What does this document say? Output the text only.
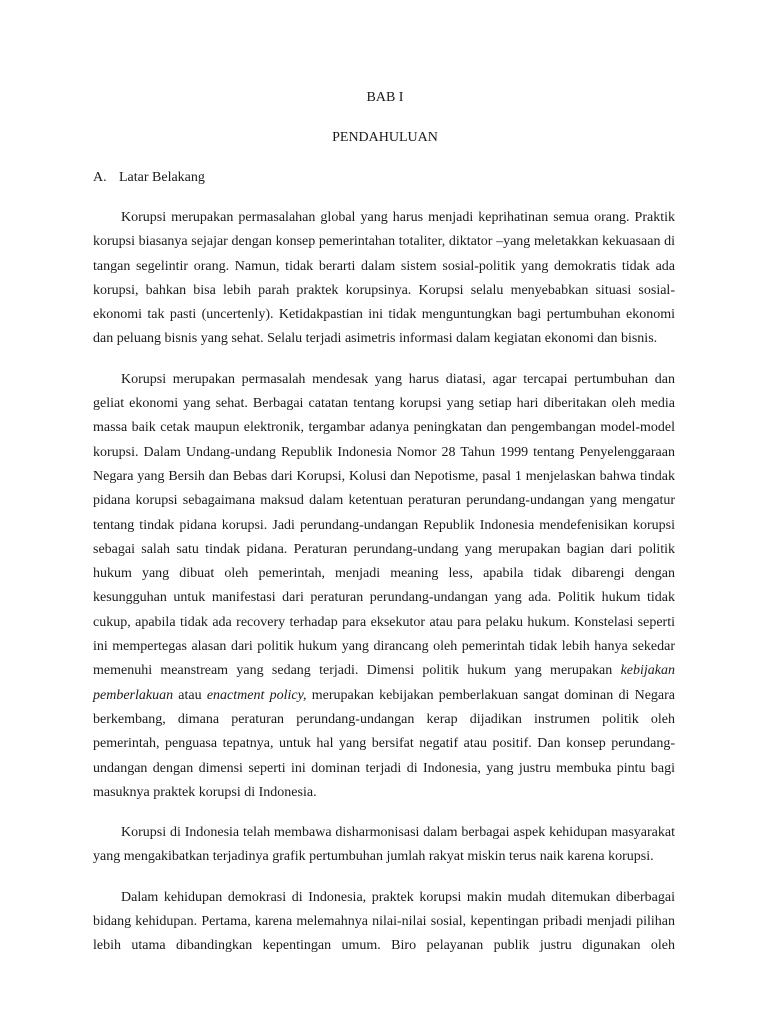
BAB I

PENDAHULUAN

A. Latar Belakang

Korupsi merupakan permasalahan global yang harus menjadi keprihatinan semua orang. Praktik korupsi biasanya sejajar dengan konsep pemerintahan totaliter, diktator –yang meletakkan kekuasaan di tangan segelintir orang. Namun, tidak berarti dalam sistem sosial-politik yang demokratis tidak ada korupsi, bahkan bisa lebih parah praktek korupsinya. Korupsi selalu menyebabkan situasi sosial-ekonomi tak pasti (uncertenly). Ketidakpastian ini tidak menguntungkan bagi pertumbuhan ekonomi dan peluang bisnis yang sehat. Selalu terjadi asimetris informasi dalam kegiatan ekonomi dan bisnis.

Korupsi merupakan permasalah mendesak yang harus diatasi, agar tercapai pertumbuhan dan geliat ekonomi yang sehat. Berbagai catatan tentang korupsi yang setiap hari diberitakan oleh media massa baik cetak maupun elektronik, tergambar adanya peningkatan dan pengembangan model-model korupsi. Dalam Undang-undang Republik Indonesia Nomor 28 Tahun 1999 tentang Penyelenggaraan Negara yang Bersih dan Bebas dari Korupsi, Kolusi dan Nepotisme, pasal 1 menjelaskan bahwa tindak pidana korupsi sebagaimana maksud dalam ketentuan peraturan perundang-undangan yang mengatur tentang tindak pidana korupsi. Jadi perundang-undangan Republik Indonesia mendefenisikan korupsi sebagai salah satu tindak pidana. Peraturan perundang-undang yang merupakan bagian dari politik hukum yang dibuat oleh pemerintah, menjadi meaning less, apabila tidak dibarengi dengan kesungguhan untuk manifestasi dari peraturan perundang-undangan yang ada. Politik hukum tidak cukup, apabila tidak ada recovery terhadap para eksekutor atau para pelaku hukum. Konstelasi seperti ini mempertegas alasan dari politik hukum yang dirancang oleh pemerintah tidak lebih hanya sekedar memenuhi meanstream yang sedang terjadi. Dimensi politik hukum yang merupakan kebijakan pemberlakuan atau enactment policy, merupakan kebijakan pemberlakuan sangat dominan di Negara berkembang, dimana peraturan perundang-undangan kerap dijadikan instrumen politik oleh pemerintah, penguasa tepatnya, untuk hal yang bersifat negatif atau positif. Dan konsep perundang-undangan dengan dimensi seperti ini dominan terjadi di Indonesia, yang justru membuka pintu bagi masuknya praktek korupsi di Indonesia.

Korupsi di Indonesia telah membawa disharmonisasi dalam berbagai aspek kehidupan masyarakat yang mengakibatkan terjadinya grafik pertumbuhan jumlah rakyat miskin terus naik karena korupsi.

Dalam kehidupan demokrasi di Indonesia, praktek korupsi makin mudah ditemukan diberbagai bidang kehidupan. Pertama, karena melemahnya nilai-nilai sosial, kepentingan pribadi menjadi pilihan lebih utama dibandingkan kepentingan umum. Biro pelayanan publik justru digunakan oleh
